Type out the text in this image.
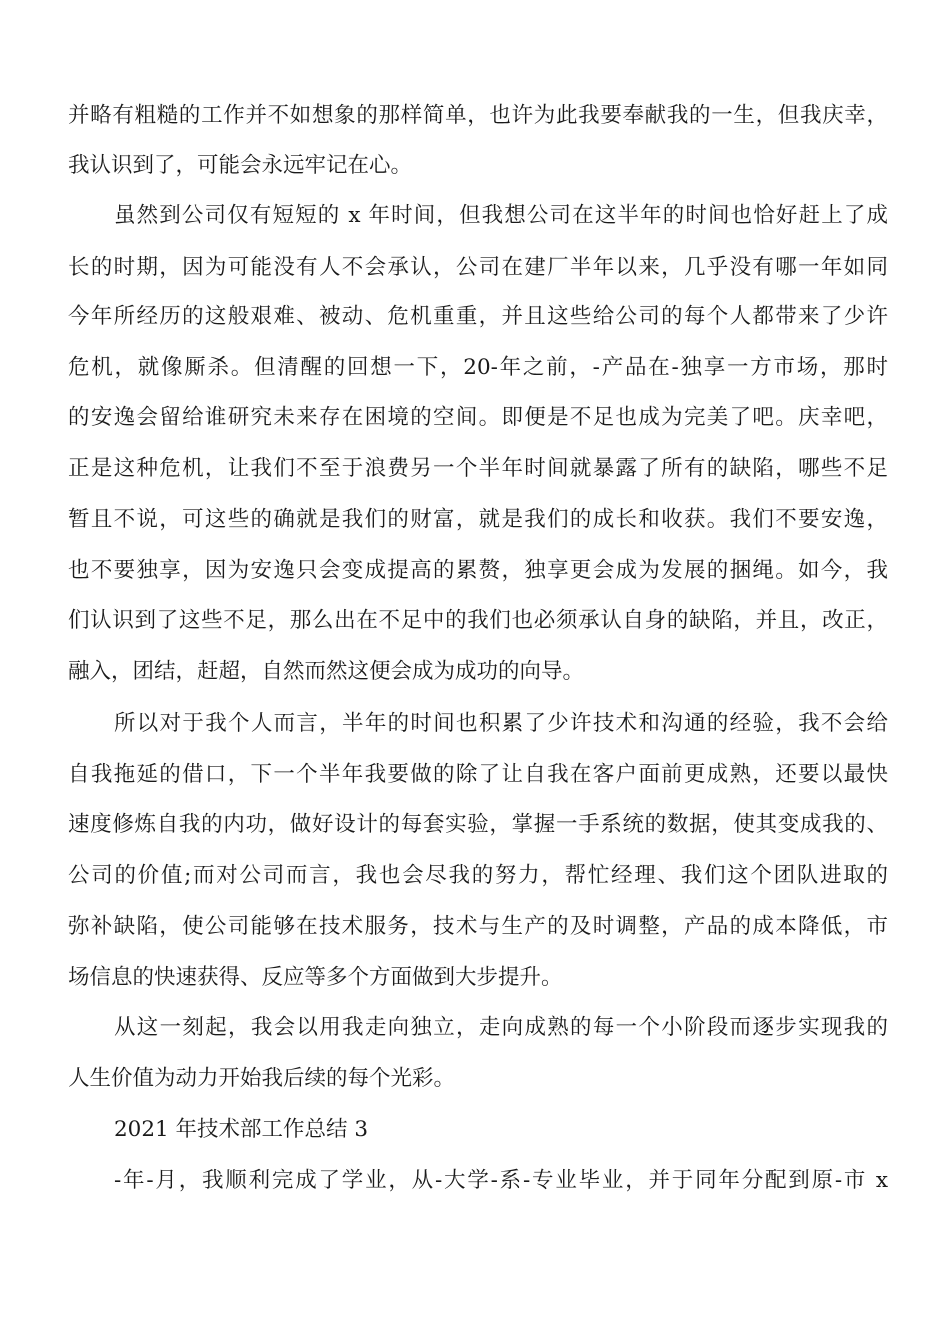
并略有粗糙的工作并不如想象的那样简单，也许为此我要奉献我的一生，但我庆幸，
我认识到了，可能会永远牢记在心。
虽然到公司仅有短短的 x 年时间，但我想公司在这半年的时间也恰好赶上了成
长的时期，因为可能没有人不会承认，公司在建厂半年以来，几乎没有哪一年如同
今年所经历的这般艰难、被动、危机重重，并且这些给公司的每个人都带来了少许
危机，就像厮杀。但清醒的回想一下，20-年之前，-产品在-独享一方市场，那时
的安逸会留给谁研究未来存在困境的空间。即便是不足也成为完美了吧。庆幸吧，
正是这种危机，让我们不至于浪费另一个半年时间就暴露了所有的缺陷，哪些不足
暂且不说，可这些的确就是我们的财富，就是我们的成长和收获。我们不要安逸，
也不要独享，因为安逸只会变成提高的累赘，独享更会成为发展的捆绳。如今，我
们认识到了这些不足，那么出在不足中的我们也必须承认自身的缺陷，并且，改正，
融入，团结，赶超，自然而然这便会成为成功的向导。
所以对于我个人而言，半年的时间也积累了少许技术和沟通的经验，我不会给
自我拖延的借口，下一个半年我要做的除了让自我在客户面前更成熟，还要以最快
速度修炼自我的内功，做好设计的每套实验，掌握一手系统的数据，使其变成我的、
公司的价值;而对公司而言，我也会尽我的努力，帮忙经理、我们这个团队进取的
弥补缺陷，使公司能够在技术服务，技术与生产的及时调整，产品的成本降低，市
场信息的快速获得、反应等多个方面做到大步提升。
从这一刻起，我会以用我走向独立，走向成熟的每一个小阶段而逐步实现我的
人生价值为动力开始我后续的每个光彩。
2021 年技术部工作总结 3
-年-月，我顺利完成了学业，从-大学-系-专业毕业，并于同年分配到原-市 x
